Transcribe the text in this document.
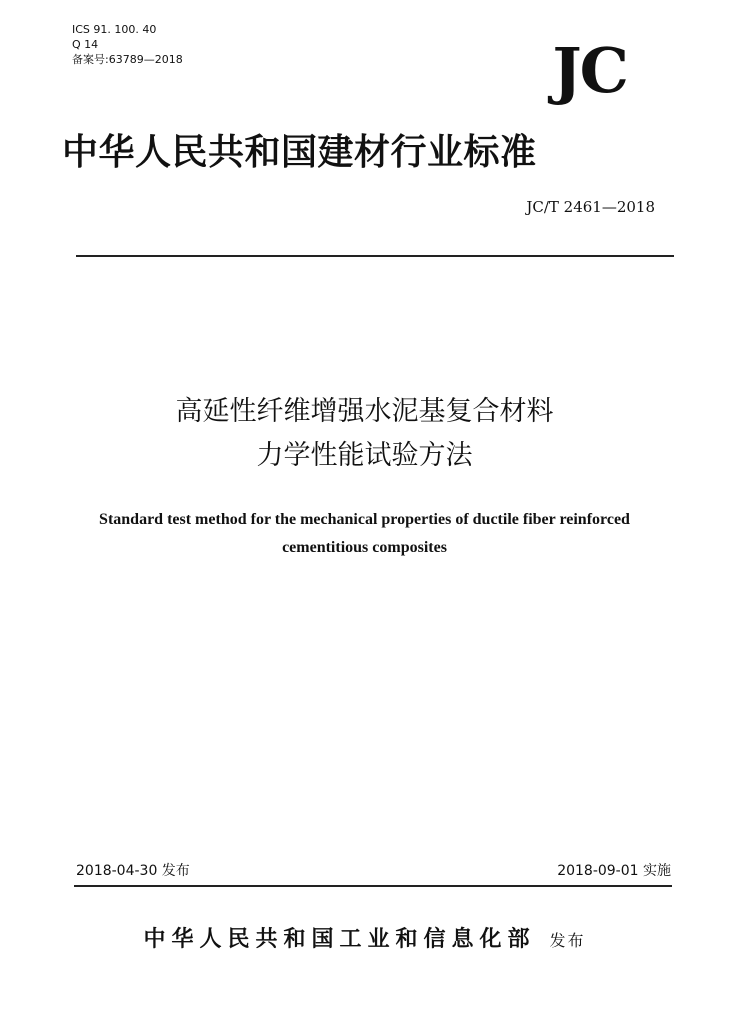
ICS 91. 100. 40
Q 14
备案号:63789—2018	JC
中华人民共和国建材行业标准
JC/T 2461—2018
高延性纤维增强水泥基复合材料
力学性能试验方法
Standard test method for the mechanical properties of ductile fiber reinforced
cementitious composites
2018-04-30 发布	2018-09-01 实施
中华人民共和国工业和信息化部 发布
